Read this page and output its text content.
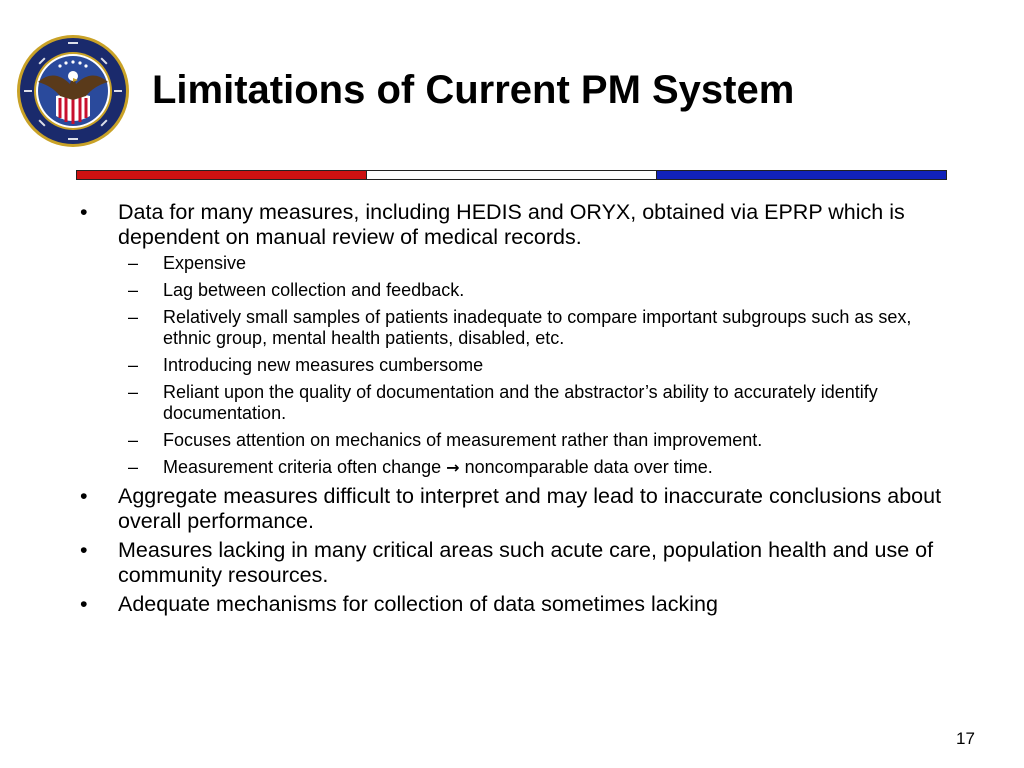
Limitations of Current PM System
• Data for many measures, including HEDIS and ORYX, obtained via EPRP which is dependent on manual review of medical records.
– Expensive
– Lag between collection and feedback.
– Relatively small samples of patients inadequate to compare important subgroups such as sex, ethnic group, mental health patients, disabled, etc.
– Introducing new measures cumbersome
– Reliant upon the quality of documentation and the abstractor’s ability to accurately identify documentation.
– Focuses attention on mechanics of measurement rather than improvement.
– Measurement criteria often change → noncomparable data over time.
• Aggregate measures difficult to interpret and may lead to inaccurate conclusions about overall performance.
• Measures lacking in many critical areas such acute care, population health and use of community resources.
• Adequate mechanisms for collection of data sometimes lacking
17
